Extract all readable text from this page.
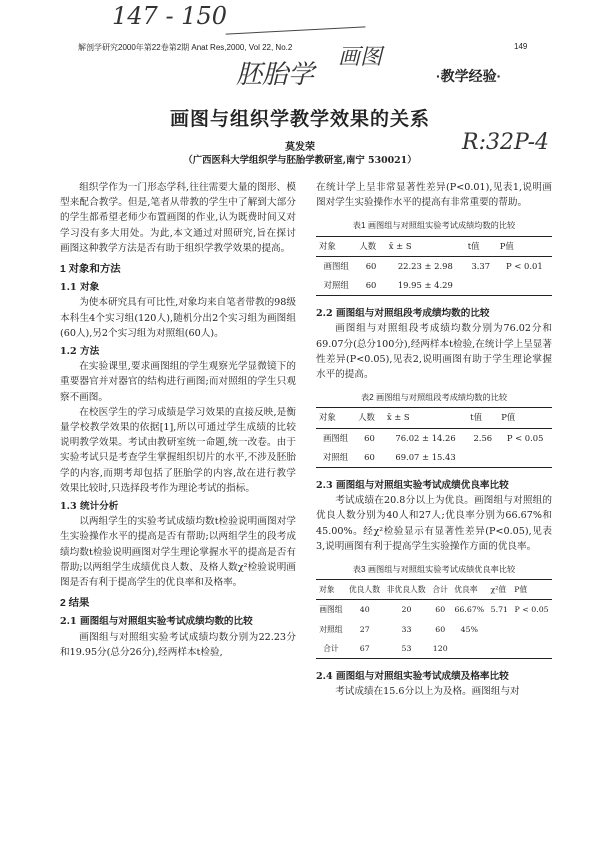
解剖学研究2000年第22卷第2期 Anat Res,2000, Vol 22, No.2	149
·教学经验·
147 - 150
胚胎学
画图
R:32P-4
画图与组织学教学效果的关系
莫发荣
（广西医科大学组织学与胚胎学教研室,南宁 530021）

组织学作为一门形态学科,往往需要大量的图形、模型来配合教学。但是,笔者从带教的学生中了解到大部分的学生都希望老师少布置画图的作业,认为既费时间又对学习没有多大用处。为此,本文通过对照研究,旨在探讨画图这种教学方法是否有助于组织学教学效果的提高。

1 对象和方法
1.1 对象

为使本研究具有可比性,对象均来自笔者带教的98级本科生4个实习组(120人),随机分出2个实习组为画图组(60人),另2个实习组为对照组(60人)。

1.2 方法

在实验课里,要求画图组的学生观察光学显微镜下的重要器官并对器官的结构进行画图;而对照组的学生只观察不画图。

在校医学生的学习成绩是学习效果的直接反映,是衡量学校教学效果的依据[1],所以可通过学生成绩的比较说明教学效果。考试由教研室统一命题,统一改卷。由于实验考试只是考查学生掌握组织切片的水平,不涉及胚胎学的内容,而期考却包括了胚胎学的内容,故在进行教学效果比较时,只选择段考作为理论考试的指标。

1.3 统计分析

以两组学生的实验考试成绩均数t检验说明画图对学生实验操作水平的提高是否有帮助;以两组学生的段考成绩均数t检验说明画图对学生理论掌握水平的提高是否有帮助;以两组学生成绩优良人数、及格人数χ²检验说明画图是否有利于提高学生的优良率和及格率。

2 结果
2.1 画图组与对照组实验考试成绩均数的比较

画图组与对照组实验考试成绩均数分别为22.23分和19.95分(总分26分),经两样本t检验,

在统计学上呈非常显著性差异(P<0.01),见表1,说明画图对学生实验操作水平的提高有非常重要的帮助。

表1 画图组与对照组实验考试成绩均数的比较
对象	人数	x̄ ± S	t值	P值
画图组	60	22.23 ± 2.98	3.37	P < 0.01
对照组	60	19.95 ± 4.29		
2.2 画图组与对照组段考成绩均数的比较

画图组与对照组段考成绩均数分别为76.02分和69.07分(总分100分),经两样本t检验,在统计学上呈显著性差异(P<0.05),见表2,说明画图有助于学生理论掌握水平的提高。

表2 画图组与对照组段考成绩均数的比较
对象	人数	x̄ ± S	t值	P值
画图组	60	76.02 ± 14.26	2.56	P < 0.05
对照组	60	69.07 ± 15.43		
2.3 画图组与对照组实验考试成绩优良率比较

考试成绩在20.8分以上为优良。画图组与对照组的优良人数分别为40人和27人;优良率分别为66.67%和45.00%。经χ²检验显示有显著性差异(P<0.05),见表3,说明画图有利于提高学生实验操作方面的优良率。

表3 画图组与对照组实验考试成绩优良率比较
对象	优良人数	非优良人数	合计	优良率	χ²值	P值
画图组	40	20	60	66.67%	5.71	P < 0.05
对照组	27	33	60	45%		
合计	67	53	120			
2.4 画图组与对照组实验考试成绩及格率比较

考试成绩在15.6分以上为及格。画图组与对
